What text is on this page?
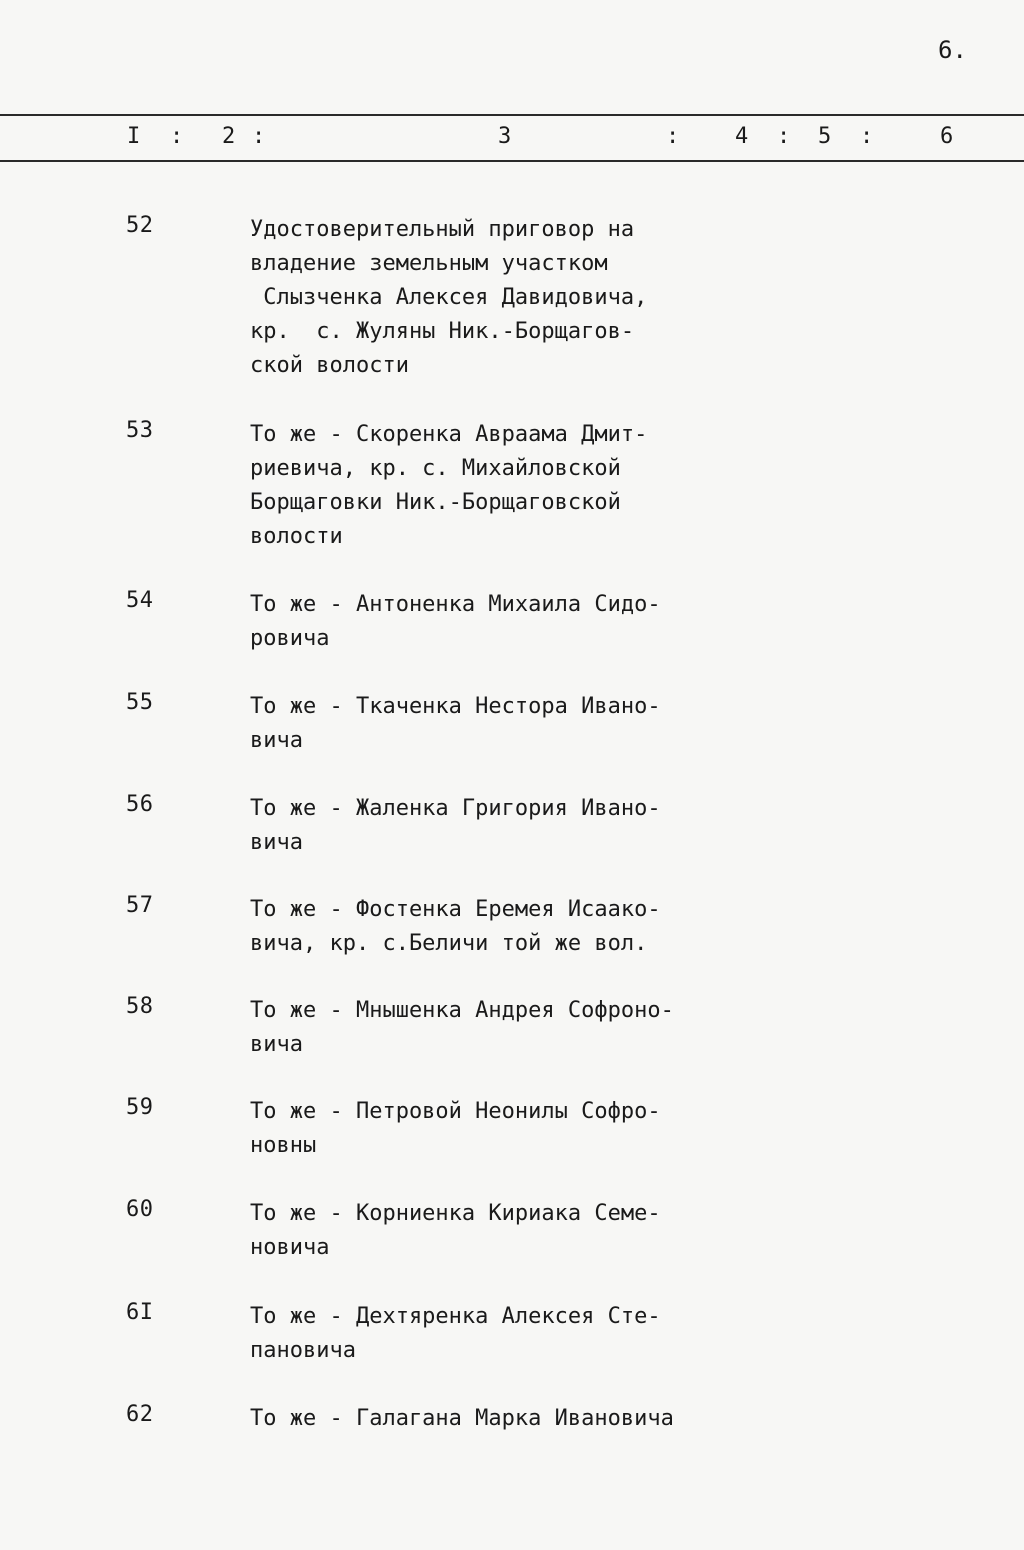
6.
I : 2 :	3	:	4 : 5 :	6
52	Удостоверительный приговор на
владение земельным участком
Слызченка Алексея Давидовича,
кр.  с. Жуляны Ник.-Борщагов-
ской волости
53	То же - Скоренка Авраама Дмит-
риевича, кр. с. Михайловской
Борщаговки Ник.-Борщаговской
волости
54	То же - Антоненка Михаила Сидо-
ровича
55	То же - Ткаченка Нестора Ивано-
вича
56	То же - Жаленка Григория Ивано-
вича
57	То же - Фостенка Еремея Исаако-
вича, кр. с.Беличи той же вол.
58	То же - Мнышенка Андрея Софроно-
вича
59	То же - Петровой Неонилы Софро-
новны
60	То же - Корниенка Кириака Семе-
новича
6I	То же - Дехтяренка Алексея Сте-
пановича
62	То же - Галагана Марка Ивановича
